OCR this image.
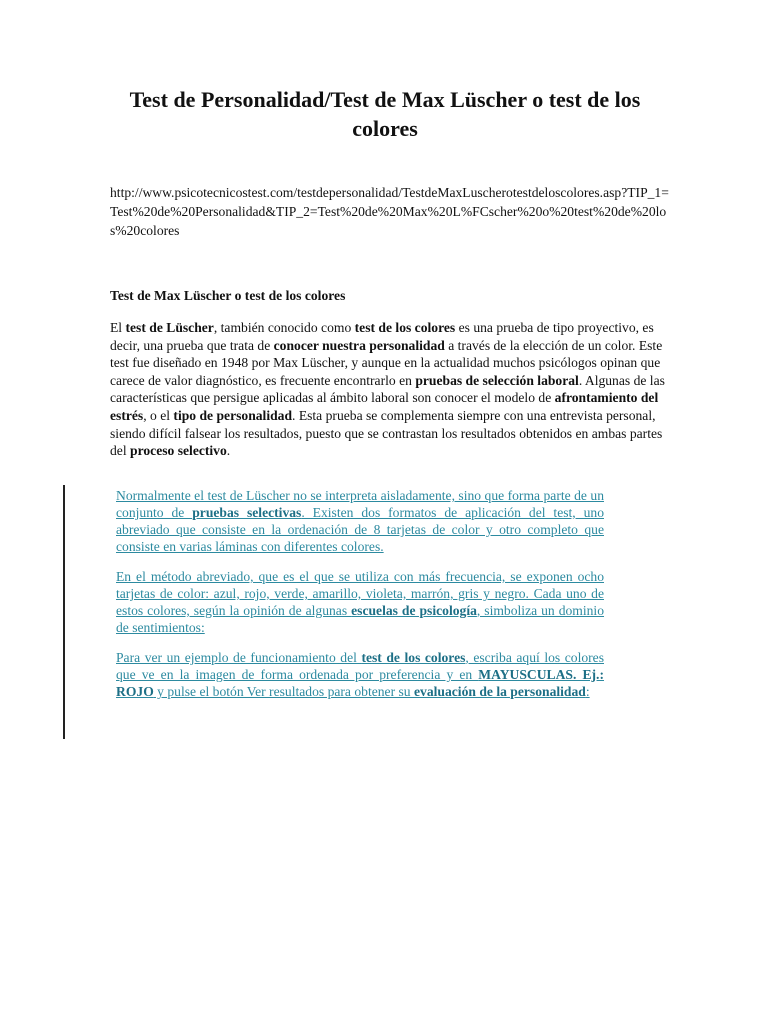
Test de Personalidad/Test de Max Lüscher o test de los colores

http://www.psicotecnicostest.com/testdepersonalidad/TestdeMaxLuscherotestdeloscolores.asp?TIP_1=Test%20de%20Personalidad&TIP_2=Test%20de%20Max%20L%FCscher%20o%20test%20de%20los%20colores

Test de Max Lüscher o test de los colores

El test de Lüscher, también conocido como test de los colores es una prueba de tipo proyectivo, es decir, una prueba que trata de conocer nuestra personalidad a través de la elección de un color. Este test fue diseñado en 1948 por Max Lüscher, y aunque en la actualidad muchos psicólogos opinan que carece de valor diagnóstico, es frecuente encontrarlo en pruebas de selección laboral. Algunas de las características que persigue aplicadas al ámbito laboral son conocer el modelo de afrontamiento del estrés, o el tipo de personalidad. Esta prueba se complementa siempre con una entrevista personal, siendo difícil falsear los resultados, puesto que se contrastan los resultados obtenidos en ambas partes del proceso selectivo.

Normalmente el test de Lüscher no se interpreta aisladamente, sino que forma parte de un conjunto de pruebas selectivas. Existen dos formatos de aplicación del test, uno abreviado que consiste en la ordenación de 8 tarjetas de color y otro completo que consiste en varias láminas con diferentes colores.

En el método abreviado, que es el que se utiliza con más frecuencia, se exponen ocho tarjetas de color: azul, rojo, verde, amarillo, violeta, marrón, gris y negro. Cada uno de estos colores, según la opinión de algunas escuelas de psicología, simboliza un dominio de sentimientos:

Para ver un ejemplo de funcionamiento del test de los colores, escriba aquí los colores que ve en la imagen de forma ordenada por preferencia y en MAYUSCULAS. Ej.: ROJO y pulse el botón Ver resultados para obtener su evaluación de la personalidad:
